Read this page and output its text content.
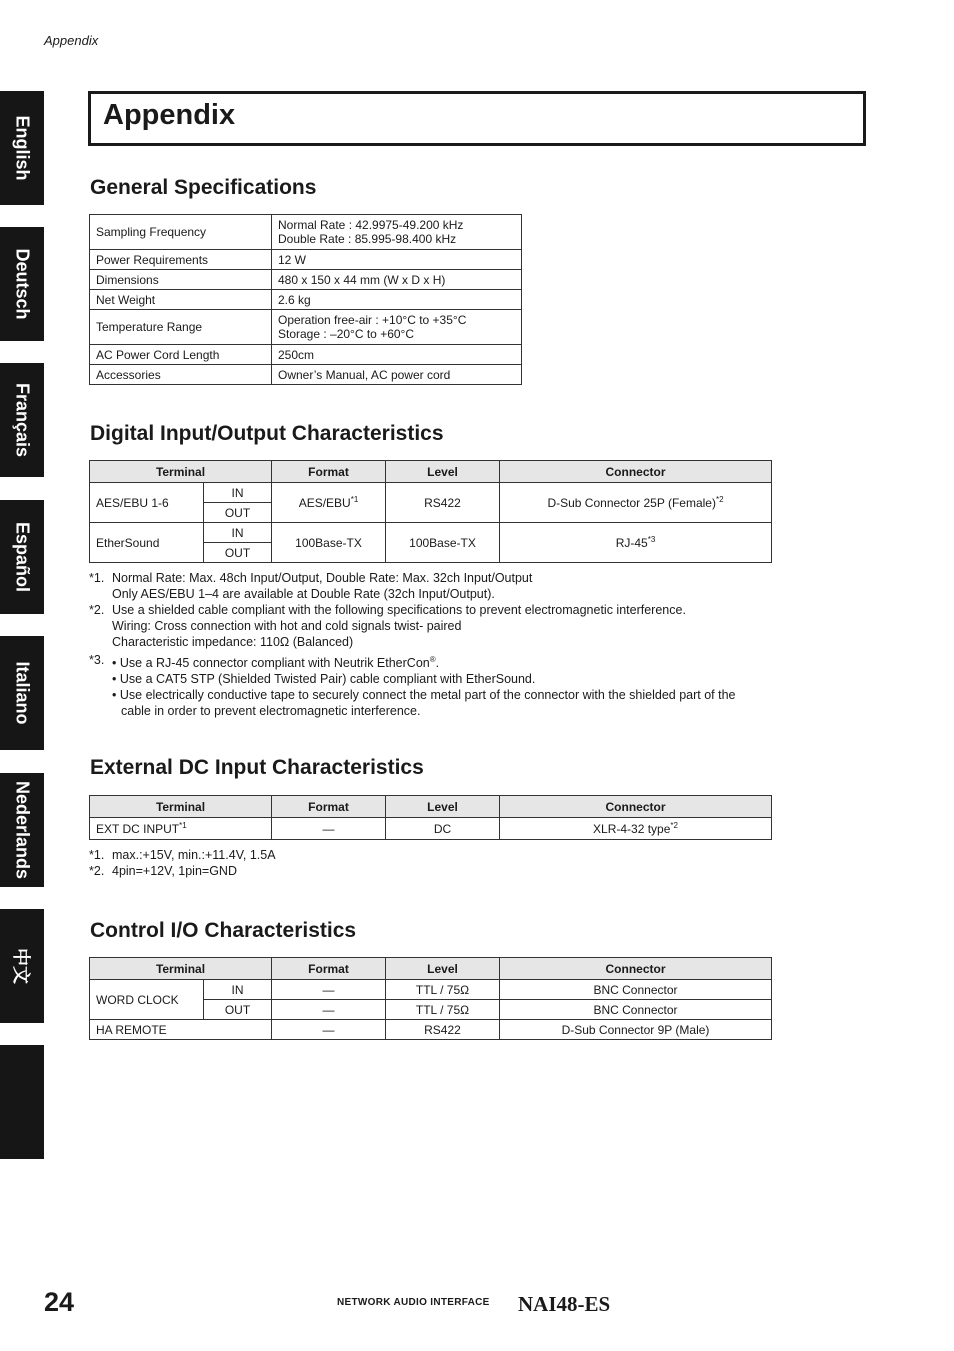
Appendix
English
Deutsch
Français
Español
Italiano
Nederlands
中文
Appendix
General Specifications
Sampling Frequency	Normal Rate : 42.9975-49.200 kHz
Double Rate : 85.995-98.400 kHz

Power Requirements	12 W
Dimensions	480 x 150 x 44 mm (W x D x H)
Net Weight	2.6 kg
Temperature Range	Operation free-air : +10°C to +35°C
Storage : –20°C to +60°C

AC Power Cord Length	250cm
Accessories	Owner’s Manual, AC power cord
Digital Input/Output Characteristics
Terminal		Format	Level	Connector
AES/EBU 1-6	IN	AES/EBU$^{*1}$	RS422	D-Sub Connector 25P (Female)$^{*2}$
	OUT			
EtherSound	IN	100Base-TX	100Base-TX	RJ-45$^{*3}$
	OUT			
*1. Normal Rate: Max. 48ch Input/Output, Double Rate: Max. 32ch Input/Output
Only AES/EBU 1–4 are available at Double Rate (32ch Input/Output).
*2. Use a shielded cable compliant with the following specifications to prevent electromagnetic interference.
Wiring: Cross connection with hot and cold signals twist- paired
Characteristic impedance: 110Ω (Balanced)
*3. • Use a RJ-45 connector compliant with Neutrik EtherCon®.
• Use a CAT5 STP (Shielded Twisted Pair) cable compliant with EtherSound.
• Use electrically conductive tape to securely connect the metal part of the connector with the shielded part of the
cable in order to prevent electromagnetic interference.
External DC Input Characteristics
Terminal	Format	Level	Connector
EXT DC INPUT$^{*1}$	—	DC	XLR-4-32 type$^{*2}$
*1. max.:+15V, min.:+11.4V, 1.5A
*2. 4pin=+12V, 1pin=GND
Control I/O Characteristics
Terminal		Format	Level	Connector
WORD CLOCK	IN	—	TTL / 75Ω	BNC Connector
	OUT	—	TTL / 75Ω	BNC Connector
HA REMOTE		—	RS422	D-Sub Connector 9P (Male)
24	NETWORK AUDIO INTERFACE NAI48-ES
